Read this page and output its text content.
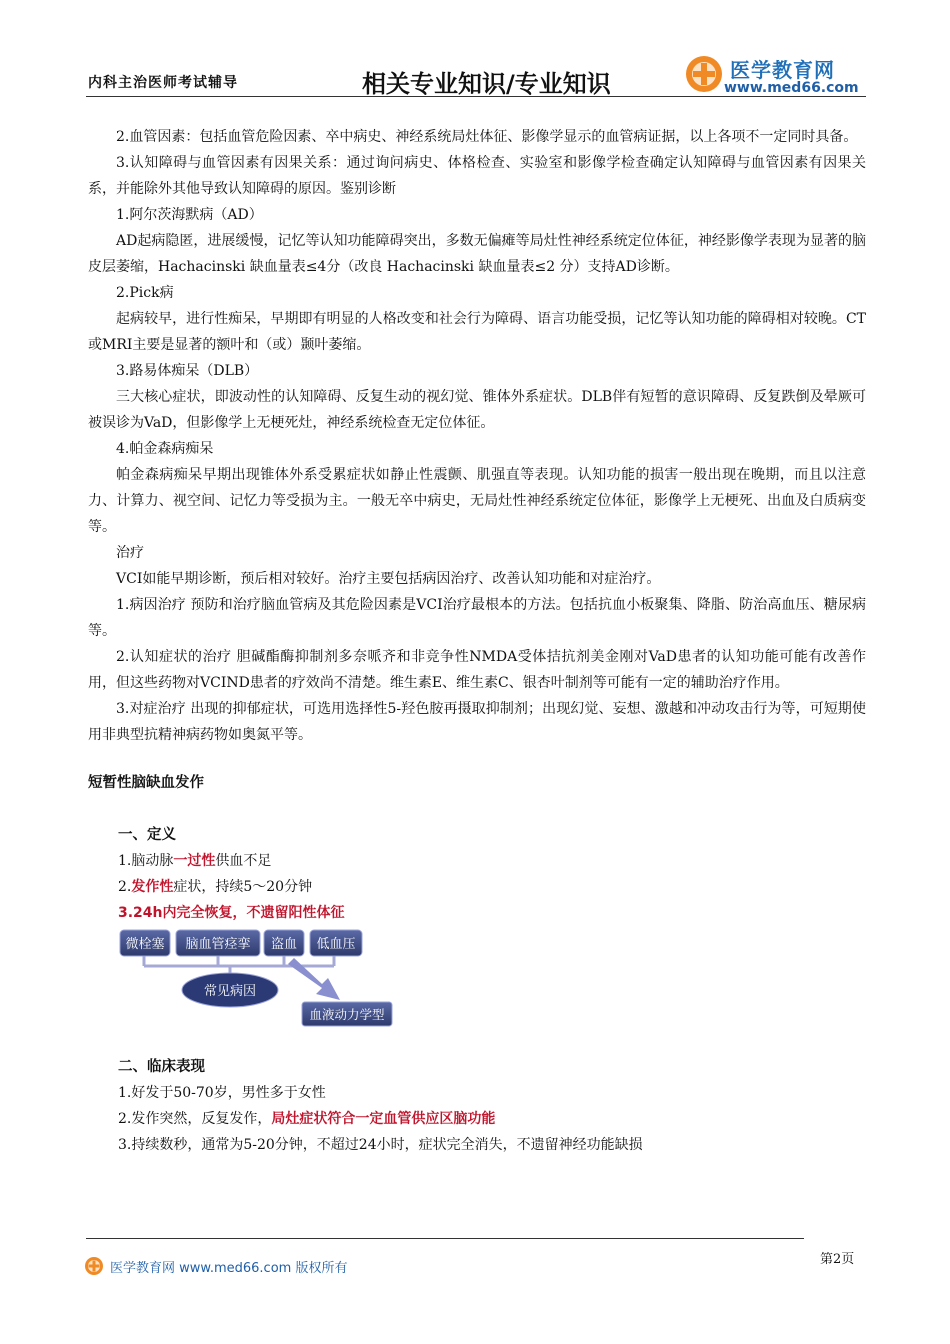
内科主治医师考试辅导	相关专业知识/专业知识	医学教育网
www.med66.com

2.血管因素：包括血管危险因素、卒中病史、神经系统局灶体征、影像学显示的血管病证据，以上各项不一定同时具备。

3.认知障碍与血管因素有因果关系：通过询问病史、体格检查、实验室和影像学检查确定认知障碍与血管因素有因果关系，并能除外其他导致认知障碍的原因。鉴别诊断

1.阿尔茨海默病（AD）

AD起病隐匿，进展缓慢，记忆等认知功能障碍突出，多数无偏瘫等局灶性神经系统定位体征，神经影像学表现为显著的脑皮层萎缩，Hachacinski 缺血量表≤4分（改良 Hachacinski 缺血量表≤2 分）支持AD诊断。

2.Pick病

起病较早，进行性痴呆，早期即有明显的人格改变和社会行为障碍、语言功能受损，记忆等认知功能的障碍相对较晚。CT或MRI主要是显著的额叶和（或）颞叶萎缩。

3.路易体痴呆（DLB）

三大核心症状，即波动性的认知障碍、反复生动的视幻觉、锥体外系症状。DLB伴有短暂的意识障碍、反复跌倒及晕厥可被误诊为VaD，但影像学上无梗死灶，神经系统检查无定位体征。

4.帕金森病痴呆

帕金森病痴呆早期出现锥体外系受累症状如静止性震颤、肌强直等表现。认知功能的损害一般出现在晚期，而且以注意力、计算力、视空间、记忆力等受损为主。一般无卒中病史，无局灶性神经系统定位体征，影像学上无梗死、出血及白质病变等。

治疗

VCI如能早期诊断，预后相对较好。治疗主要包括病因治疗、改善认知功能和对症治疗。

1.病因治疗 预防和治疗脑血管病及其危险因素是VCI治疗最根本的方法。包括抗血小板聚集、降脂、防治高血压、糖尿病等。

2.认知症状的治疗 胆碱酯酶抑制剂多奈哌齐和非竞争性NMDA受体拮抗剂美金刚对VaD患者的认知功能可能有改善作用，但这些药物对VCIND患者的疗效尚不清楚。维生素E、维生素C、银杏叶制剂等可能有一定的辅助治疗作用。

3.对症治疗 出现的抑郁症状，可选用选择性5-羟色胺再摄取抑制剂；出现幻觉、妄想、激越和冲动攻击行为等，可短期使用非典型抗精神病药物如奥氮平等。

短暂性脑缺血发作

一、定义

1.脑动脉一过性供血不足

2.发作性症状，持续5～20分钟

3.24h内完全恢复，不遗留阳性体征

微栓塞 脑血管痉挛 盗血 低血压
常见病因
血液动力学型

二、临床表现

1.好发于50-70岁，男性多于女性

2.发作突然，反复发作，局灶症状符合一定血管供应区脑功能

3.持续数秒，通常为5-20分钟，不超过24小时，症状完全消失，不遗留神经功能缺损

医学教育网 www.med66.com 版权所有
第2页
